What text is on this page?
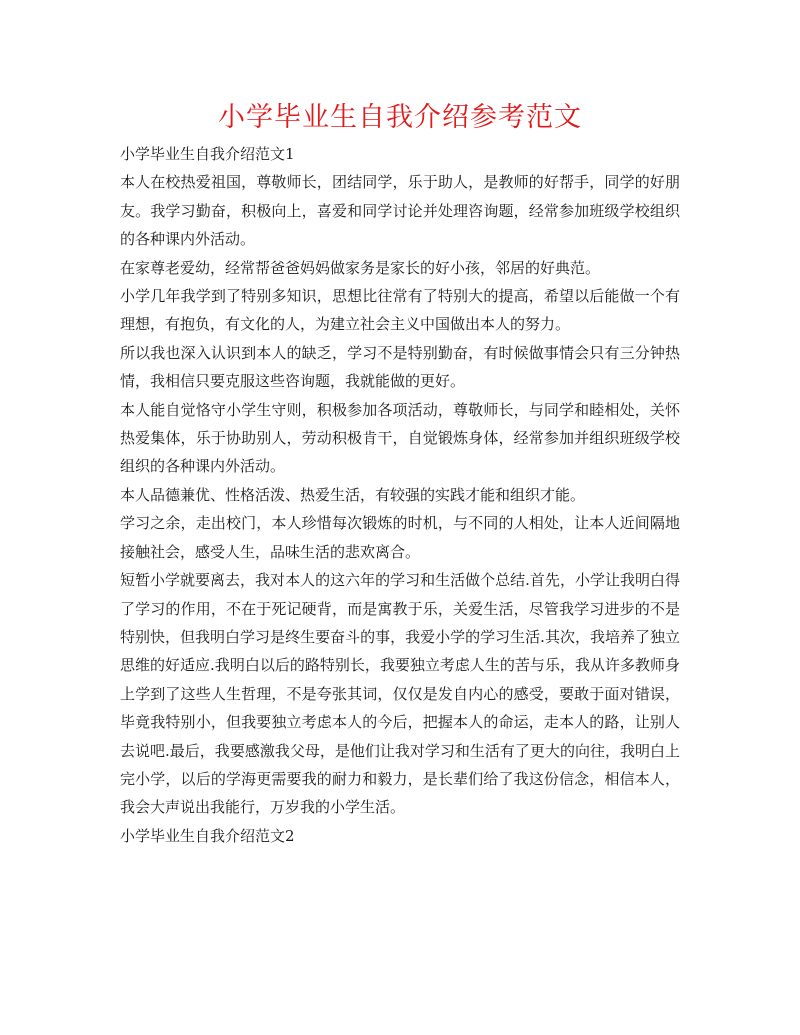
小学毕业生自我介绍参考范文

小学毕业生自我介绍范文1

本人在校热爱祖国，尊敬师长，团结同学，乐于助人，是教师的好帮手，同学的好朋友。我学习勤奋，积极向上，喜爱和同学讨论并处理咨询题，经常参加班级学校组织的各种课内外活动。

在家尊老爱幼，经常帮爸爸妈妈做家务是家长的好小孩，邻居的好典范。

小学几年我学到了特别多知识，思想比往常有了特别大的提高，希望以后能做一个有理想，有抱负，有文化的人，为建立社会主义中国做出本人的努力。

所以我也深入认识到本人的缺乏，学习不是特别勤奋，有时候做事情会只有三分钟热情，我相信只要克服这些咨询题，我就能做的更好。

本人能自觉恪守小学生守则，积极参加各项活动，尊敬师长，与同学和睦相处，关怀热爱集体，乐于协助别人，劳动积极肯干，自觉锻炼身体，经常参加并组织班级学校组织的各种课内外活动。

本人品德兼优、性格活泼、热爱生活，有较强的实践才能和组织才能。

学习之余，走出校门，本人珍惜每次锻炼的时机，与不同的人相处，让本人近间隔地接触社会，感受人生，品味生活的悲欢离合。

短暂小学就要离去，我对本人的这六年的学习和生活做个总结.首先，小学让我明白得了学习的作用，不在于死记硬背，而是寓教于乐，关爱生活，尽管我学习进步的不是特别快，但我明白学习是终生要奋斗的事，我爱小学的学习生活.其次，我培养了独立思维的好适应.我明白以后的路特别长，我要独立考虑人生的苦与乐，我从许多教师身上学到了这些人生哲理，不是夸张其词，仅仅是发自内心的感受，要敢于面对错误，毕竟我特别小，但我要独立考虑本人的今后，把握本人的命运，走本人的路，让别人去说吧.最后，我要感激我父母，是他们让我对学习和生活有了更大的向往，我明白上完小学，以后的学海更需要我的耐力和毅力，是长辈们给了我这份信念，相信本人，我会大声说出我能行，万岁我的小学生活。

小学毕业生自我介绍范文2
